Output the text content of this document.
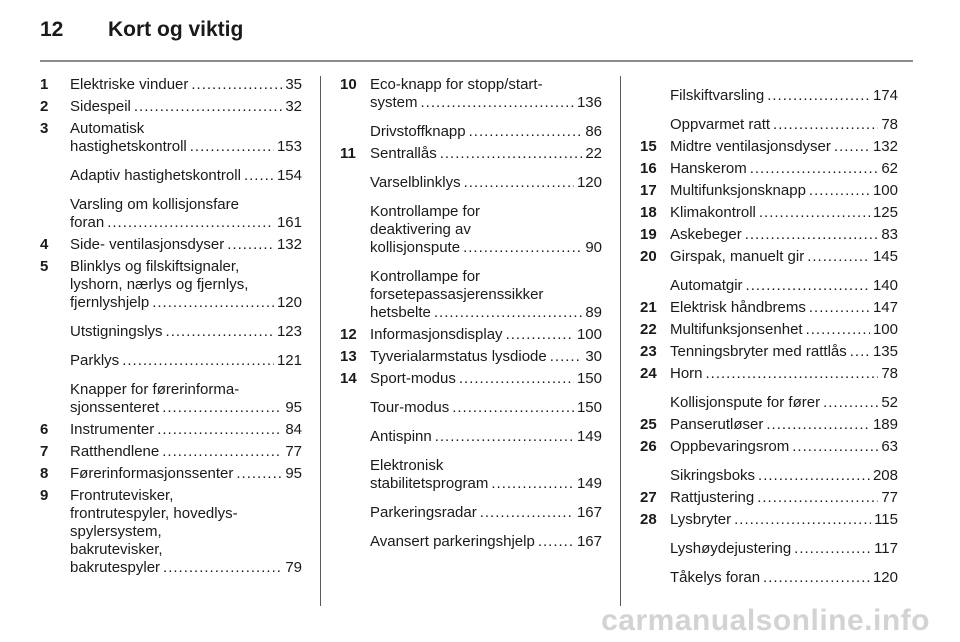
12	Kort og viktig
1	Elektriske vinduer .....	35
2	Sidespeil .....	32
3	Automatisk
hastighetskontroll .....	153
Adaptiv hastighetskontroll ..... 154
Varsling om kollisjonsfare
foran .....	161
4	Side- ventilasjonsdyser .....	132
5	Blinklys og filskiftsignaler,
lyshorn, nærlys og fjernlys,
fjernlyshjelp .....	120
Utstigningslys .....	123
Parklys .....	121
Knapper for førerinforma-
sjonssenteret .....	95
6	Instrumenter .....	84
7	Ratthendlene .....	77
8	Førerinformasjonssenter .....	95
9	Frontrutevisker,
frontrutespyler, hovedlys-
spylersystem,
bakrutevisker,
bakrutespyler .....	79
10 Eco-knapp for stopp/start-
system .....	136
Drivstoffknapp .....	86
11 Sentrallås .....	22
Varselblinklys .....	120
Kontrollampe for
deaktivering av
kollisjonspute .....	90
Kontrollampe for
forsetepassasjerenssikker
hetsbelte .....	89
12 Informasjonsdisplay .....	100
13 Tyverialarmstatus lysdiode .....	30
14 Sport-modus .....	150
Tour-modus .....	150
Antispinn .....	149
Elektronisk
stabilitetsprogram .....	149
Parkeringsradar .....	167
Avansert parkeringshjelp .....	167
Filskiftvarsling .....	174
Oppvarmet ratt .....	78
15 Midtre ventilasjonsdyser .....	132
16 Hanskerom .....	62
17 Multifunksjonsknapp .....	100
18 Klimakontroll .....	125
19 Askebeger .....	83
20 Girspak, manuelt gir .....	145
Automatgir .....	140
21 Elektrisk håndbrems .....	147
22 Multifunksjonsenhet .....	100
23 Tenningsbryter med rattlås ..... 135
24 Horn .....	78
Kollisjonspute for fører .....	52
25 Panserutløser .....	189
26 Oppbevaringsrom .....	63
Sikringsboks .....	208
27 Rattjustering .....	77
28 Lysbryter .....	115
Lyshøydejustering .....	117
Tåkelys foran .....	120
carmanualsonline.info
